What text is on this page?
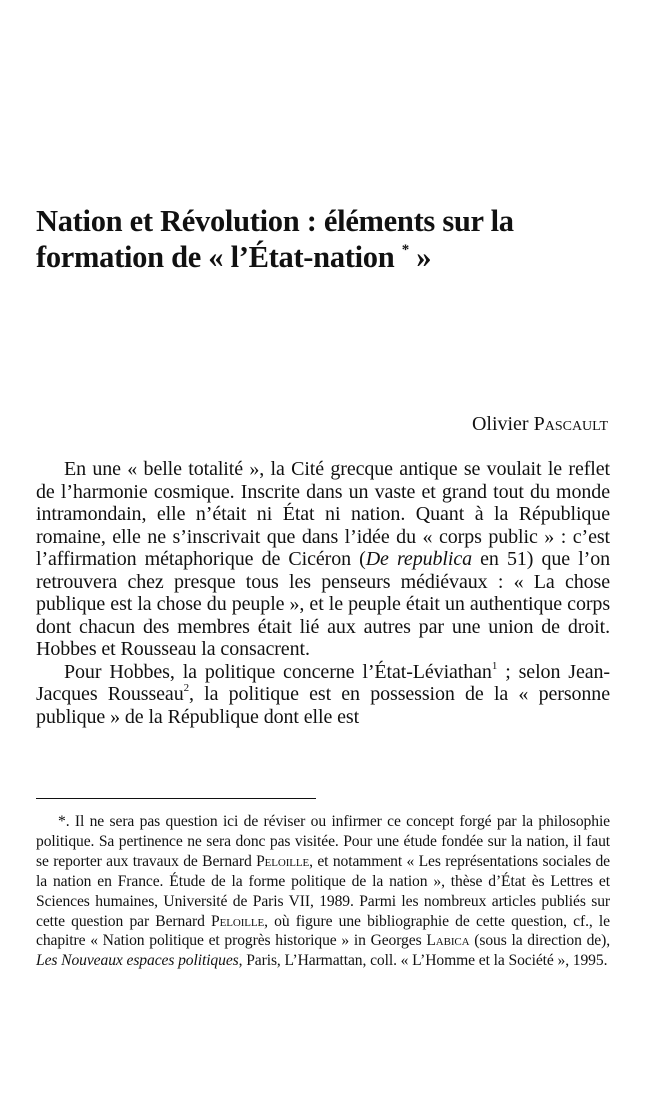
Nation et Révolution : éléments sur la formation de « l’État-nation * »
Olivier Pascault

En une « belle totalité », la Cité grecque antique se voulait le reflet de l’harmonie cosmique. Inscrite dans un vaste et grand tout du monde intramondain, elle n’était ni État ni nation. Quant à la République romaine, elle ne s’inscrivait que dans l’idée du « corps public » : c’est l’affirmation métaphorique de Cicéron (De republica en 51) que l’on retrouvera chez presque tous les penseurs médiévaux : « La chose publique est la chose du peuple », et le peuple était un authentique corps dont chacun des membres était lié aux autres par une union de droit. Hobbes et Rousseau la consacrent.

Pour Hobbes, la politique concerne l’État-Léviathan$^1$ ; selon Jean-Jacques Rousseau$^2$, la politique est en possession de la « personne publique » de la République dont elle est

*. Il ne sera pas question ici de réviser ou infirmer ce concept forgé par la philosophie politique. Sa pertinence ne sera donc pas visitée. Pour une étude fondée sur la nation, il faut se reporter aux travaux de Bernard Peloille, et notamment « Les représentations sociales de la nation en France. Étude de la forme politique de la nation », thèse d’État ès Lettres et Sciences humaines, Université de Paris VII, 1989. Parmi les nombreux articles publiés sur cette question par Bernard Peloille, où figure une bibliographie de cette question, cf., le chapitre « Nation politique et progrès historique » in Georges Labica (sous la direction de), Les Nouveaux espaces politiques, Paris, L’Harmattan, coll. « L’Homme et la Société », 1995.
